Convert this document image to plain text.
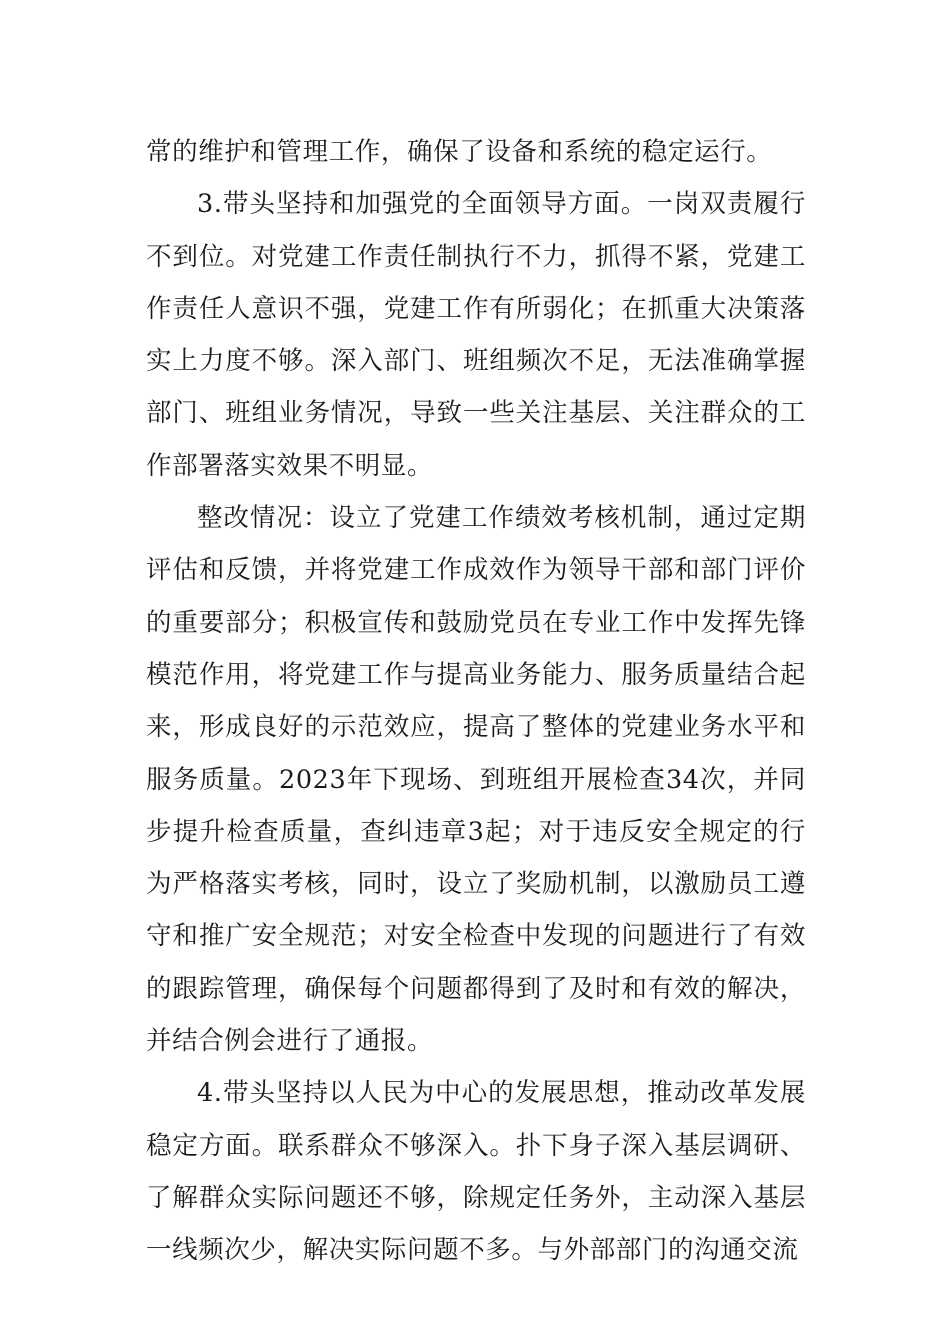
常的维护和管理工作，确保了设备和系统的稳定运行。

3.带头坚持和加强党的全面领导方面。一岗双责履行不到位。对党建工作责任制执行不力，抓得不紧，党建工作责任人意识不强，党建工作有所弱化；在抓重大决策落实上力度不够。深入部门、班组频次不足，无法准确掌握部门、班组业务情况，导致一些关注基层、关注群众的工作部署落实效果不明显。

整改情况：设立了党建工作绩效考核机制，通过定期评估和反馈，并将党建工作成效作为领导干部和部门评价的重要部分；积极宣传和鼓励党员在专业工作中发挥先锋模范作用，将党建工作与提高业务能力、服务质量结合起来，形成良好的示范效应，提高了整体的党建业务水平和服务质量。2023年下现场、到班组开展检查34次，并同步提升检查质量，查纠违章3起；对于违反安全规定的行为严格落实考核，同时，设立了奖励机制，以激励员工遵守和推广安全规范；对安全检查中发现的问题进行了有效的跟踪管理，确保每个问题都得到了及时和有效的解决，并结合例会进行了通报。

4.带头坚持以人民为中心的发展思想，推动改革发展稳定方面。联系群众不够深入。扑下身子深入基层调研、了解群众实际问题还不够，除规定任务外，主动深入基层一线频次少，解决实际问题不多。与外部部门的沟通交流
